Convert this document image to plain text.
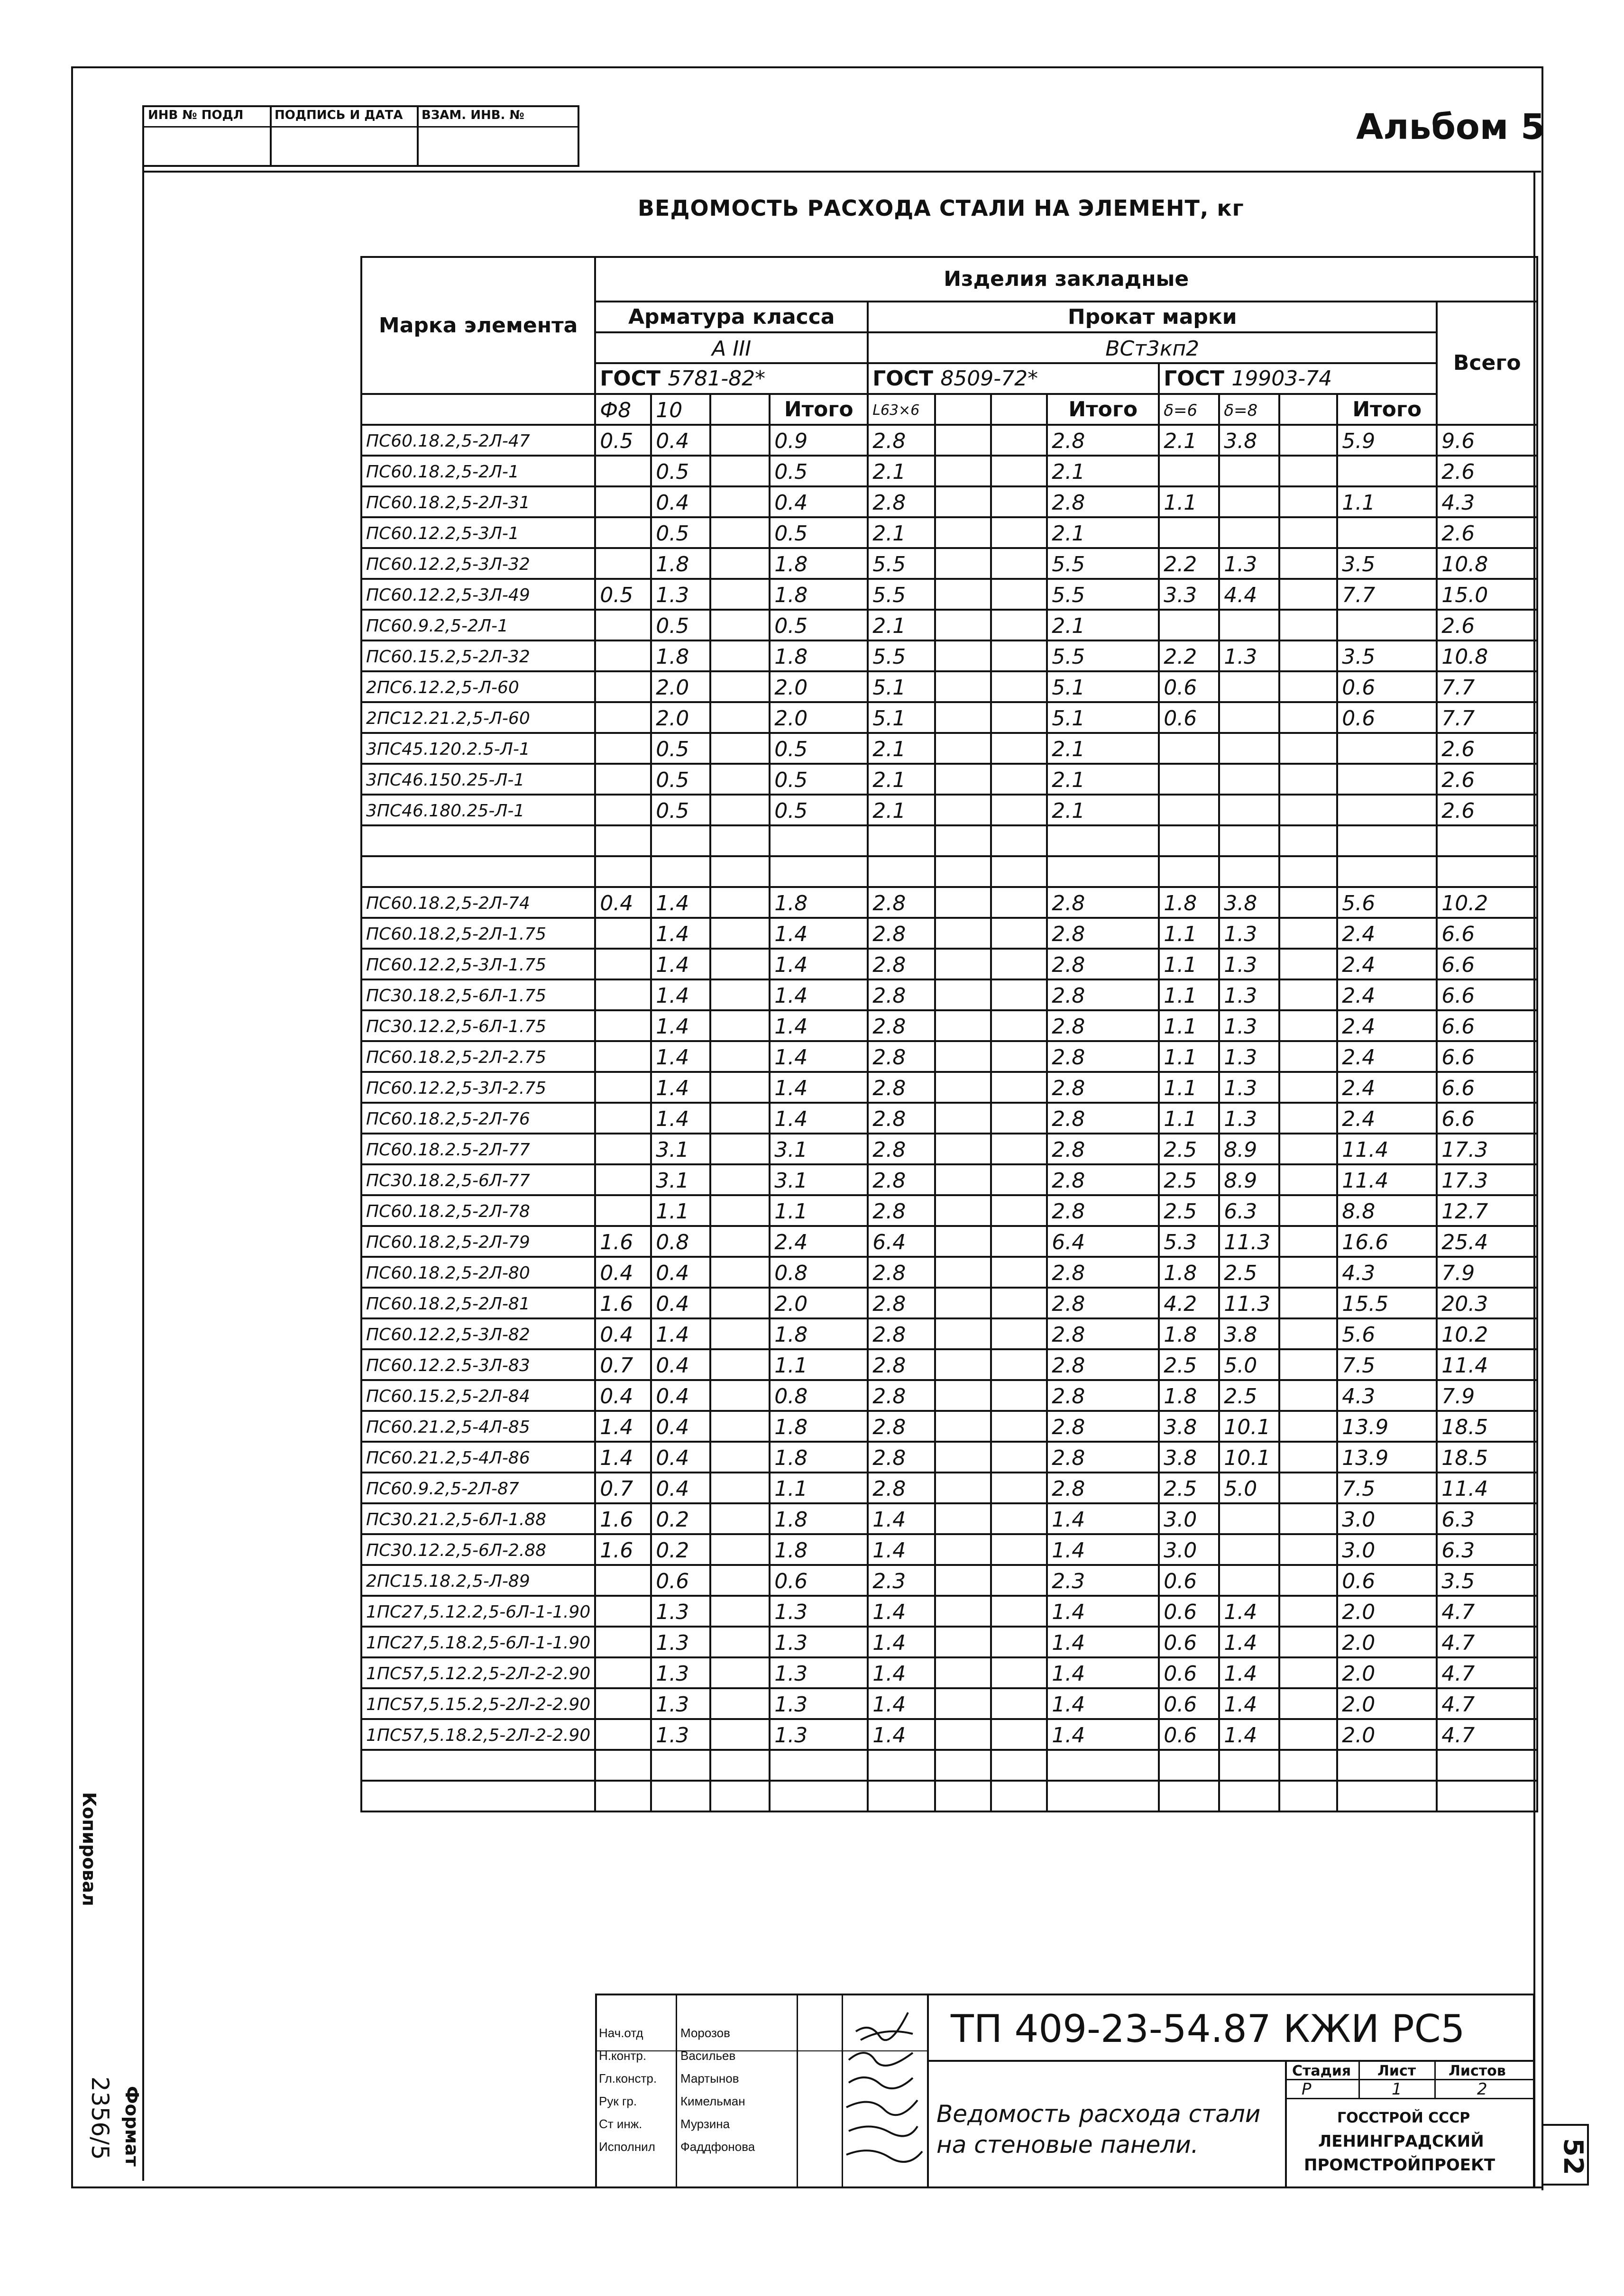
ИНВ № ПОДЛ	ПОДПИСЬ И ДАТА ВЗАМ. ИНВ. №	Альбом 5
ВЕДОМОСТЬ РАСХОДА СТАЛИ НА ЭЛЕМЕНТ, кг
Марка элемента	Изделия закладные												
	Арматура класса				Прокат марки								Всего
	A III				ВСт3кп2								
	ГОСТ 5781-82*				ГОСТ 8509-72*				ГОСТ 19903-74				
	Ф8	10		Итого	L63×6			Итого	δ=6	δ=8		Итого	
ПС60.18.2,5-2Л-47	0.5	0.4		0.9	2.8			2.8	2.1	3.8		5.9	9.6
ПС60.18.2,5-2Л-1		0.5		0.5	2.1			2.1					2.6
ПС60.18.2,5-2Л-31		0.4		0.4	2.8			2.8	1.1			1.1	4.3
ПС60.12.2,5-3Л-1		0.5		0.5	2.1			2.1					2.6
ПС60.12.2,5-3Л-32		1.8		1.8	5.5			5.5	2.2	1.3		3.5	10.8
ПС60.12.2,5-3Л-49	0.5	1.3		1.8	5.5			5.5	3.3	4.4		7.7	15.0
ПС60.9.2,5-2Л-1		0.5		0.5	2.1			2.1					2.6
ПС60.15.2,5-2Л-32		1.8		1.8	5.5			5.5	2.2	1.3		3.5	10.8
2ПС6.12.2,5-Л-60		2.0		2.0	5.1			5.1	0.6			0.6	7.7
2ПС12.21.2,5-Л-60		2.0		2.0	5.1			5.1	0.6			0.6	7.7
3ПС45.120.2.5-Л-1		0.5		0.5	2.1			2.1					2.6
3ПС46.150.25-Л-1		0.5		0.5	2.1			2.1					2.6
3ПС46.180.25-Л-1		0.5		0.5	2.1			2.1					2.6

ПС60.18.2,5-2Л-74	0.4	1.4		1.8	2.8			2.8	1.8	3.8		5.6	10.2
ПС60.18.2,5-2Л-1.75		1.4		1.4	2.8			2.8	1.1	1.3		2.4	6.6
ПС60.12.2,5-3Л-1.75		1.4		1.4	2.8			2.8	1.1	1.3		2.4	6.6
ПС30.18.2,5-6Л-1.75		1.4		1.4	2.8			2.8	1.1	1.3		2.4	6.6
ПС30.12.2,5-6Л-1.75		1.4		1.4	2.8			2.8	1.1	1.3		2.4	6.6
ПС60.18.2,5-2Л-2.75		1.4		1.4	2.8			2.8	1.1	1.3		2.4	6.6
ПС60.12.2,5-3Л-2.75		1.4		1.4	2.8			2.8	1.1	1.3		2.4	6.6
ПС60.18.2,5-2Л-76		1.4		1.4	2.8			2.8	1.1	1.3		2.4	6.6
ПС60.18.2.5-2Л-77		3.1		3.1	2.8			2.8	2.5	8.9		11.4	17.3
ПС30.18.2,5-6Л-77		3.1		3.1	2.8			2.8	2.5	8.9		11.4	17.3
ПС60.18.2,5-2Л-78		1.1		1.1	2.8			2.8	2.5	6.3		8.8	12.7
ПС60.18.2,5-2Л-79	1.6	0.8		2.4	6.4			6.4	5.3	11.3		16.6	25.4
ПС60.18.2,5-2Л-80	0.4	0.4		0.8	2.8			2.8	1.8	2.5		4.3	7.9
ПС60.18.2,5-2Л-81	1.6	0.4		2.0	2.8			2.8	4.2	11.3		15.5	20.3
ПС60.12.2,5-3Л-82	0.4	1.4		1.8	2.8			2.8	1.8	3.8		5.6	10.2
ПС60.12.2.5-3Л-83	0.7	0.4		1.1	2.8			2.8	2.5	5.0		7.5	11.4
ПС60.15.2,5-2Л-84	0.4	0.4		0.8	2.8			2.8	1.8	2.5		4.3	7.9
ПС60.21.2,5-4Л-85	1.4	0.4		1.8	2.8			2.8	3.8	10.1		13.9	18.5
ПС60.21.2,5-4Л-86	1.4	0.4		1.8	2.8			2.8	3.8	10.1		13.9	18.5
ПС60.9.2,5-2Л-87	0.7	0.4		1.1	2.8			2.8	2.5	5.0		7.5	11.4
ПС30.21.2,5-6Л-1.88	1.6	0.2		1.8	1.4			1.4	3.0			3.0	6.3
ПС30.12.2,5-6Л-2.88	1.6	0.2		1.8	1.4			1.4	3.0			3.0	6.3
2ПС15.18.2,5-Л-89		0.6		0.6	2.3			2.3	0.6			0.6	3.5
1ПС27,5.12.2,5-6Л-1-1.90		1.3		1.3	1.4			1.4	0.6	1.4		2.0	4.7
1ПС27,5.18.2,5-6Л-1-1.90		1.3		1.3	1.4			1.4	0.6	1.4		2.0	4.7
1ПС57,5.12.2,5-2Л-2-2.90		1.3		1.3	1.4			1.4	0.6	1.4		2.0	4.7
1ПС57,5.15.2,5-2Л-2-2.90		1.3		1.3	1.4			1.4	0.6	1.4		2.0	4.7
1ПС57,5.18.2,5-2Л-2-2.90		1.3		1.3	1.4			1.4	0.6	1.4		2.0	4.7

Нач.отд	Морозов
Н.контр.	Васильев
Гл.констр. Мартынов
Рук гр.	Кимельман
Ст инж.	Мурзина
Исполнил Фаддфонова
ТП 409-23-54.87 КЖИ РС5
Ведомость расхода стали
на стеновые панели.
Стадия Лист Листов
Р	1	2
ГОССТРОЙ СССР
ЛЕНИНГРАДСКИЙ
ПРОМСТРОЙПРОЕКТ
Копировал
Формат
2356/5	52
